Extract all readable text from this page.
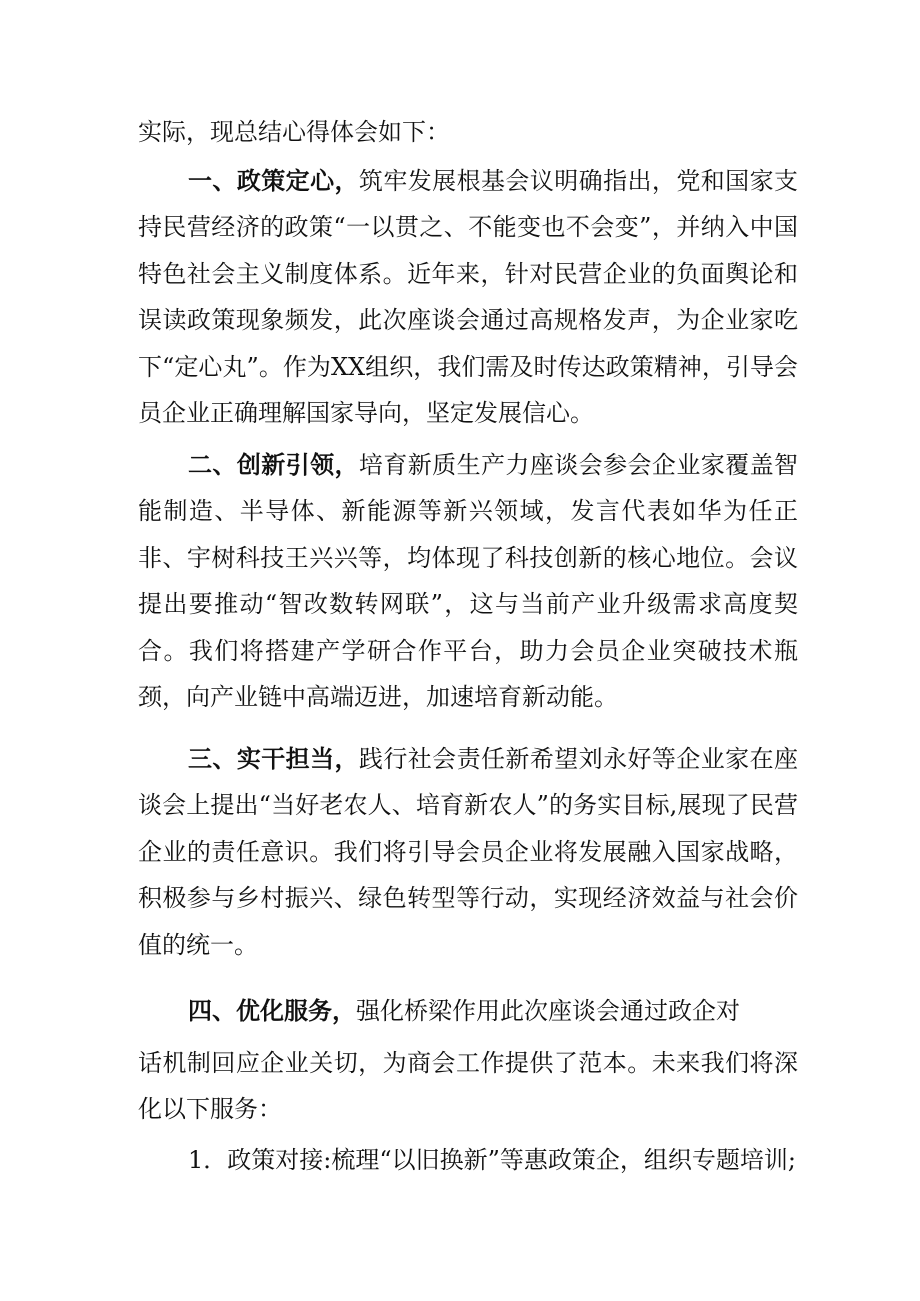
实际，现总结心得体会如下：

一、政策定心，筑牢发展根基会议明确指出，党和国家支持民营经济的政策“一以贯之、不能变也不会变”，并纳入中国特色社会主义制度体系。近年来，针对民营企业的负面舆论和误读政策现象频发，此次座谈会通过高规格发声，为企业家吃下“定心丸”。作为XX组织，我们需及时传达政策精神，引导会员企业正确理解国家导向，坚定发展信心。

二、创新引领，培育新质生产力座谈会参会企业家覆盖智能制造、半导体、新能源等新兴领域，发言代表如华为任正非、宇树科技王兴兴等，均体现了科技创新的核心地位。会议提出要推动“智改数转网联”，这与当前产业升级需求高度契合。我们将搭建产学研合作平台，助力会员企业突破技术瓶颈，向产业链中高端迈进，加速培育新动能。

三、实干担当，践行社会责任新希望刘永好等企业家在座谈会上提出“当好老农人、培育新农人”的务实目标,展现了民营企业的责任意识。我们将引导会员企业将发展融入国家战略，积极参与乡村振兴、绿色转型等行动，实现经济效益与社会价值的统一。

四、优化服务，强化桥梁作用此次座谈会通过政企对

话机制回应企业关切，为商会工作提供了范本。未来我们将深化以下服务：

1．政策对接:梳理“以旧换新”等惠政策企，组织专题培训;
